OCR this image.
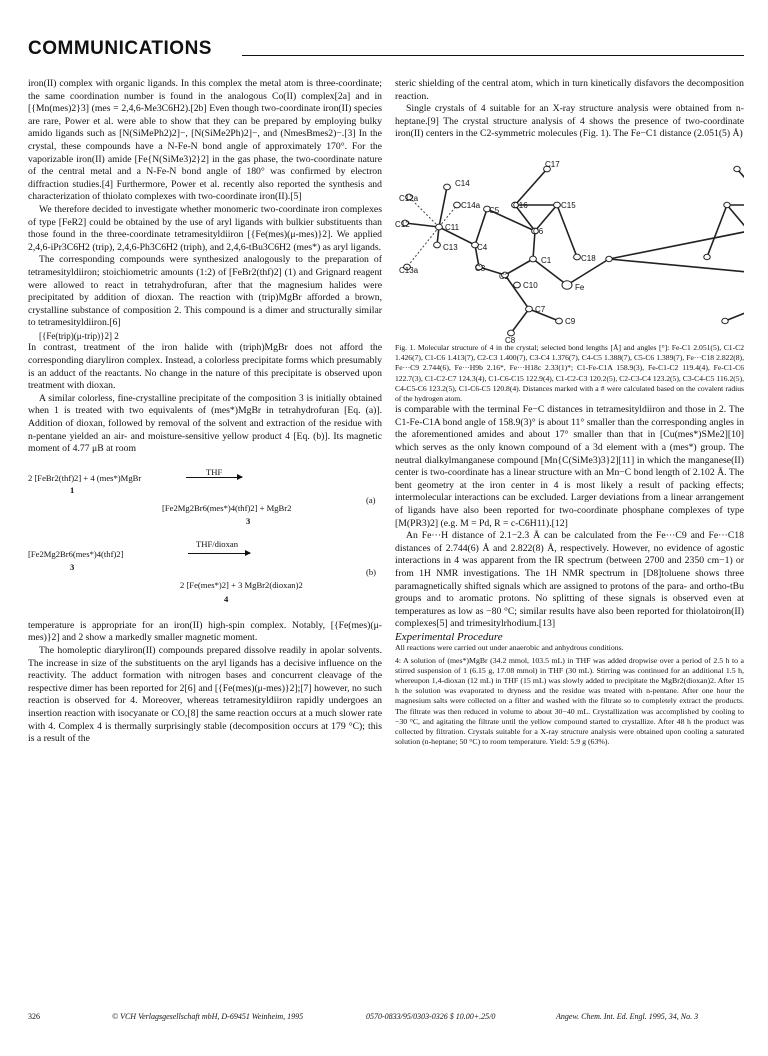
COMMUNICATIONS

iron(II) complex with organic ligands. In this complex the metal atom is three-coordinate; the same coordination number is found in the analogous Co(II) complex[2a] and in [{Mn(mes)2}3] (mes = 2,4,6-Me3C6H2).[2b] Even though two-coordinate iron(II) species are rare, Power et al. were able to show that they can be prepared by employing bulky amido ligands such as [N(SiMePh2)2]−, [N(SiMe2Ph)2]−, and (NmesBmes2)−.[3] In the crystal, these compounds have a N-Fe-N bond angle of approximately 170°. For the vaporizable iron(II) amide [Fe{N(SiMe3)2}2] in the gas phase, the two-coordinate nature of the central metal and a N-Fe-N bond angle of 180° was confirmed by electron diffraction studies.[4] Furthermore, Power et al. recently also reported the synthesis and characterization of thiolato complexes with two-coordinate iron(II).[5]

We therefore decided to investigate whether monomeric two-coordinate iron complexes of type [FeR2] could be obtained by the use of aryl ligands with bulkier substituents than those found in the three-coordinate tetramesityldiiron [{Fe(mes)(μ-mes)}2]. We applied 2,4,6-iPr3C6H2 (trip), 2,4,6-Ph3C6H2 (triph), and 2,4,6-tBu3C6H2 (mes*) as aryl ligands.

The corresponding compounds were synthesized analogously to the preparation of tetramesityldiiron; stoichiometric amounts (1:2) of [FeBr2(thf)2] (1) and Grignard reagent were allowed to react in tetrahydrofuran, after that the magnesium halides were precipitated by addition of dioxan. The reaction with (trip)MgBr afforded a brown, crystalline substance of composition 2. This compound is a dimer and structurally similar to tetramesityldiiron.[6]

[{Fe(trip)(μ-trip)}2] 2

In contrast, treatment of the iron halide with (triph)MgBr does not afford the corresponding diaryliron complex. Instead, a colorless precipitate forms which presumably is an adduct of the reactants. No change in the nature of this precipitate is observed upon treatment with dioxan.

A similar colorless, fine-crystalline precipitate of the composition 3 is initially obtained when 1 is treated with two equivalents of (mes*)MgBr in tetrahydrofuran [Eq. (a)]. Addition of dioxan, followed by removal of the solvent and extraction of the residue with n-pentane yielded an air- and moisture-sensitive yellow product 4 [Eq. (b)]. Its magnetic moment of 4.77 μB at room

2 [FeBr2(thf)2] + 4 (mes*)MgBr
1
THF
(a)
[Fe2Mg2Br6(mes*)4(thf)2] + MgBr2
3
[Fe2Mg2Br6(mes*)4(thf)2]
3
THF/dioxan
(b)
2 [Fe(mes*)2] + 3 MgBr2(dioxan)2
4

temperature is appropriate for an iron(II) high-spin complex. Notably, [{Fe(mes)(μ-mes)}2] and 2 show a markedly smaller magnetic moment.

The homoleptic diaryliron(II) compounds prepared dissolve readily in apolar solvents. The increase in size of the substituents on the aryl ligands has a decisive influence on the reactivity. The adduct formation with nitrogen bases and concurrent cleavage of the respective dimer has been reported for 2[6] and [{Fe(mes)(μ-mes)}2];[7] however, no such reaction is observed for 4. Moreover, whereas tetramesityldiiron rapidly undergoes an insertion reaction with isocyanate or CO,[8] the same reaction occurs at a much slower rate with 4. Complex 4 is thermally surprisingly stable (decomposition occurs at 179 °C); this is a result of the

steric shielding of the central atom, which in turn kinetically disfavors the decomposition reaction.

Single crystals of 4 suitable for an X-ray structure analysis were obtained from n-heptane.[9] The crystal structure analysis of 4 shows the presence of two-coordinate iron(II) centers in the C2-symmetric molecules (Fig. 1). The Fe−C1 distance (2.051(5) Å)

C17
C12a
C14
C14a
C5
C16	C15
C12	C11	C6
C13 C4
C18
C13a	C3
C1
C2
C10	Fe
C7
C9
C8

Fig. 1. Molecular structure of 4 in the crystal; selected bond lengths [Å] and angles [°]: Fe-C1 2.051(5), C1-C2 1.426(7), C1-C6 1.413(7), C2-C3 1.400(7), C3-C4 1.376(7), C4-C5 1.388(7), C5-C6 1.389(7), Fe···C18 2.822(8), Fe···C9 2.744(6), Fe···H9b 2.16*, Fe···H18c 2.33(1)*; C1-Fe-C1A 158.9(3), Fe-C1-C2 119.4(4), Fe-C1-C6 122.7(3), C1-C2-C7 124.3(4), C1-C6-C15 122.9(4), C1-C2-C3 120.2(5), C2-C3-C4 123.2(5), C3-C4-C5 116.2(5), C4-C5-C6 123.2(5), C1-C6-C5 120.8(4). Distances marked with a # were calculated based on the covalent radius of the hydrogen atom.

is comparable with the terminal Fe−C distances in tetramesityldiiron and those in 2. The C1-Fe-C1A bond angle of 158.9(3)° is about 11° smaller than the corresponding angles in the aforementioned amides and about 17° smaller than that in [Cu(mes*)SMe2][10] which serves as the only known compound of a 3d element with a (mes*) group. The neutral dialkylmanganese compound [Mn{C(SiMe3)3}2][11] in which the manganese(II) center is two-coordinate has a linear structure with an Mn−C bond length of 2.102 Å. The bent geometry at the iron center in 4 is most likely a result of packing effects; intermolecular interactions can be excluded. Larger deviations from a linear arrangement of ligands have also been reported for two-coordinate phosphane complexes of type [M(PR3)2] (e.g. M = Pd, R = c-C6H11).[12]

An Fe···H distance of 2.1−2.3 Å can be calculated from the Fe···C9 and Fe···C18 distances of 2.744(6) Å and 2.822(8) Å, respectively. However, no evidence of agostic interactions in 4 was apparent from the IR spectrum (between 2700 and 2350 cm−1) or from 1H NMR investigations. The 1H NMR spectrum in [D8]toluene shows three paramagnetically shifted signals which are assigned to protons of the para- and ortho-tBu groups and to aromatic protons. No splitting of these signals is observed even at temperatures as low as −80 °C; similar results have also been reported for thiolatoiron(II) complexes[5] and trimesitylrhodium.[13]

Experimental Procedure

All reactions were carried out under anaerobic and anhydrous conditions.

4: A solution of (mes*)MgBr (34.2 mmol, 103.5 mL) in THF was added dropwise over a period of 2.5 h to a stirred suspension of 1 (6.15 g, 17.08 mmol) in THF (30 mL). Stirring was continued for an additional 1.5 h, whereupon 1,4-dioxan (12 mL) in THF (15 mL) was slowly added to precipitate the MgBr2(dioxan)2. After 15 h the solution was evaporated to dryness and the residue was treated with n-pentane. After one hour the magnesium salts were collected on a filter and washed with the filtrate so to completely extract the products. The filtrate was then reduced in volume to about 30−40 mL. Crystallization was accomplished by cooling to −30 °C, and agitating the filtrate until the yellow compound started to crystallize. After 48 h the product was collected by filtration. Crystals suitable for a X-ray structure analysis were obtained upon cooling a saturated solution (n-heptane; 50 °C) to room temperature. Yield: 5.9 g (63%).

326	© VCH Verlagsgesellschaft mbH, D-69451 Weinheim, 1995	0570-0833/95/0303-0326 $ 10.00+.25/0	Angew. Chem. Int. Ed. Engl. 1995, 34, No. 3
